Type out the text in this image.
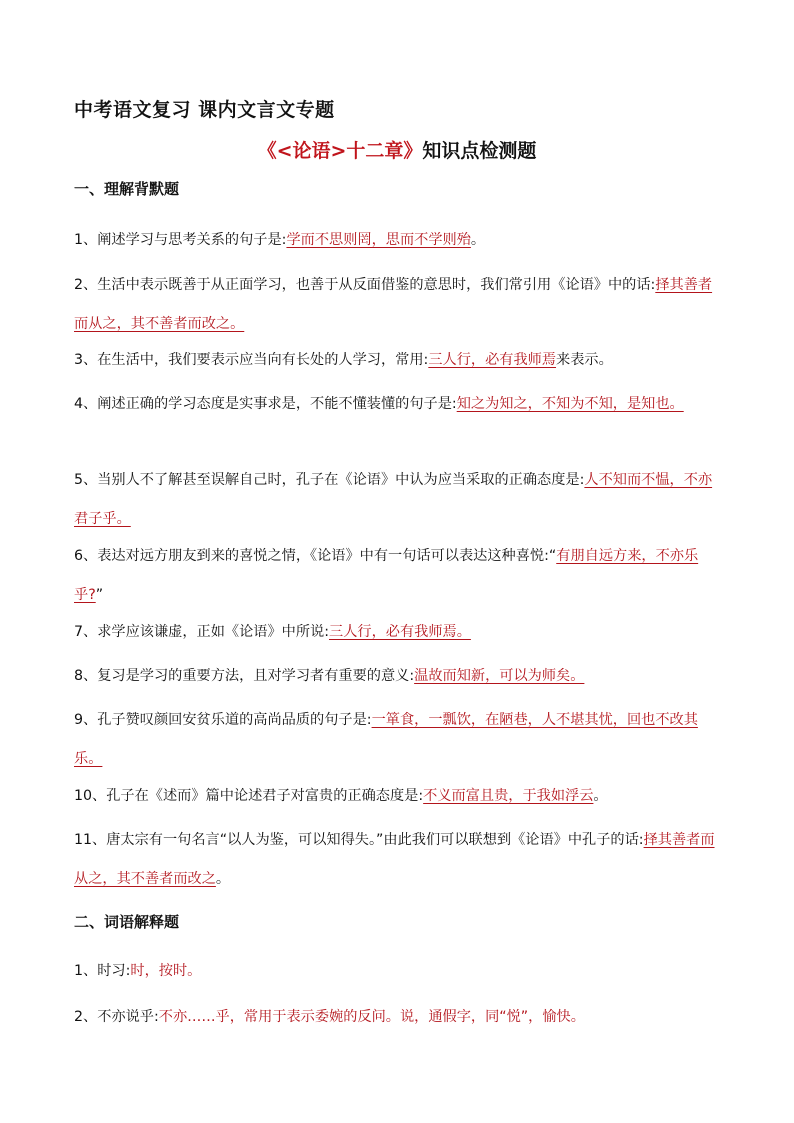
中考语文复习 课内文言文专题
《<论语>十二章》知识点检测题
一、理解背默题
1、阐述学习与思考关系的句子是:学而不思则罔，思而不学则殆。
2、生活中表示既善于从正面学习，也善于从反面借鉴的意思时，我们常引用《论语》中的话:择其善者而从之，其不善者而改之。
3、在生活中，我们要表示应当向有长处的人学习，常用:三人行，必有我师焉来表示。
4、阐述正确的学习态度是实事求是，不能不懂装懂的句子是:知之为知之，不知为不知，是知也。
5、当别人不了解甚至误解自己时，孔子在《论语》中认为应当采取的正确态度是:人不知而不愠，不亦君子乎。
6、表达对远方朋友到来的喜悦之情，《论语》中有一句话可以表达这种喜悦:“有朋自远方来，不亦乐乎?”
7、求学应该谦虚，正如《论语》中所说:三人行，必有我师焉。
8、复习是学习的重要方法，且对学习者有重要的意义:温故而知新，可以为师矣。
9、孔子赞叹颜回安贫乐道的高尚品质的句子是:一箪食，一瓢饮，在陋巷，人不堪其忧，回也不改其乐。
10、孔子在《述而》篇中论述君子对富贵的正确态度是:不义而富且贵，于我如浮云。
11、唐太宗有一句名言“以人为鉴，可以知得失。”由此我们可以联想到《论语》中孔子的话:择其善者而从之，其不善者而改之。
二、词语解释题
1、时习:时，按时。
2、不亦说乎:不亦……乎，常用于表示委婉的反问。说，通假字，同“悦”，愉快。
